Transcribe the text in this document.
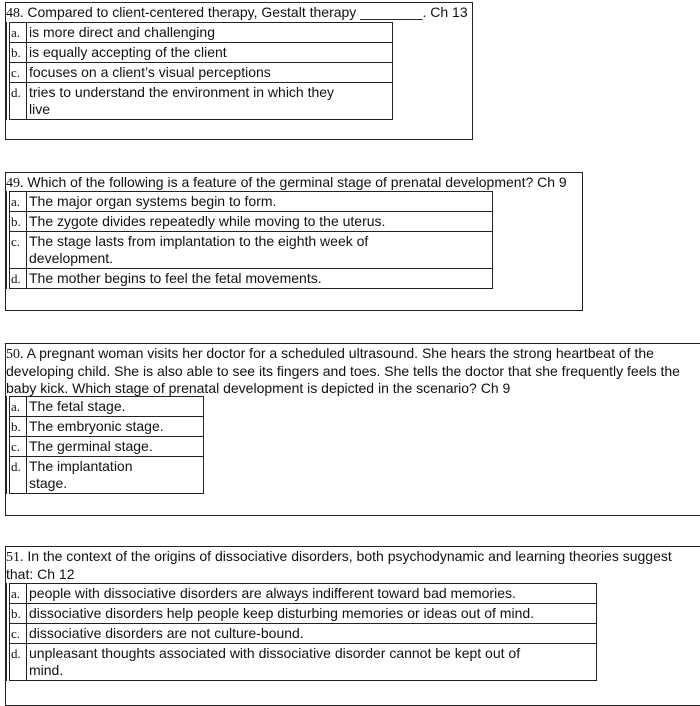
48. Compared to client-centered therapy, Gestalt therapy ________. Ch 13
a.	is more direct and challenging
b.	is equally accepting of the client
c.	focuses on a client’s visual perceptions
d.	tries to understand the environment in which they
live
49. Which of the following is a feature of the germinal stage of prenatal development? Ch 9
a.	The major organ systems begin to form.
b.	The zygote divides repeatedly while moving to the uterus.
c.	The stage lasts from implantation to the eighth week of
development.
d.	The mother begins to feel the fetal movements.
50. A pregnant woman visits her doctor for a scheduled ultrasound. She hears the strong heartbeat of the
developing child. She is also able to see its fingers and toes. She tells the doctor that she frequently feels the
baby kick. Which stage of prenatal development is depicted in the scenario? Ch 9
a.	The fetal stage.
b.	The embryonic stage.
c.	The germinal stage.
d.	The implantation
stage.
51. In the context of the origins of dissociative disorders, both psychodynamic and learning theories suggest
that: Ch 12
a.	people with dissociative disorders are always indifferent toward bad memories.
b.	dissociative disorders help people keep disturbing memories or ideas out of mind.
c.	dissociative disorders are not culture-bound.
d.	unpleasant thoughts associated with dissociative disorder cannot be kept out of
mind.
